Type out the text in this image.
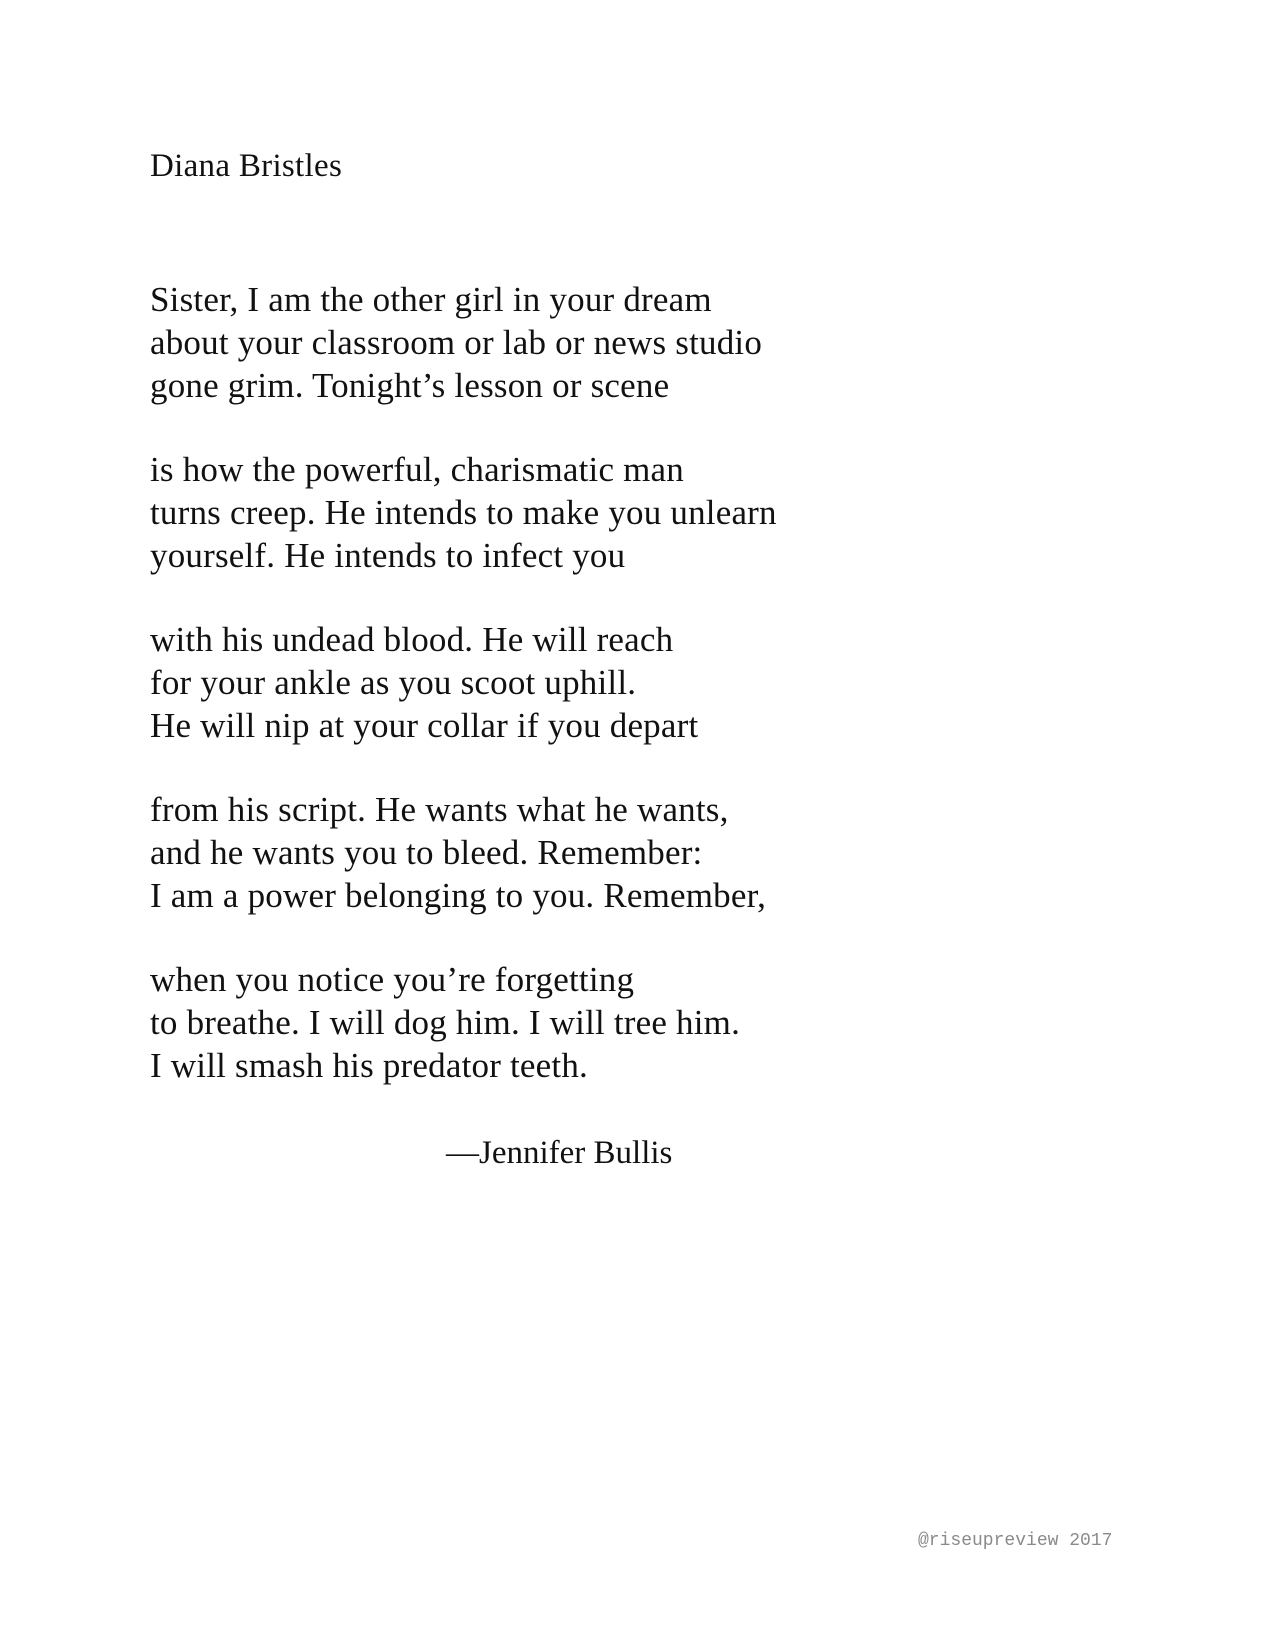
Diana Bristles
Sister, I am the other girl in your dream
about your classroom or lab or news studio
gone grim. Tonight’s lesson or scene
is how the powerful, charismatic man
turns creep. He intends to make you unlearn
yourself. He intends to infect you
with his undead blood. He will reach
for your ankle as you scoot uphill.
He will nip at your collar if you depart
from his script. He wants what he wants,
and he wants you to bleed. Remember:
I am a power belonging to you. Remember,
when you notice you’re forgetting
to breathe. I will dog him. I will tree him.
I will smash his predator teeth.
—Jennifer Bullis
@riseupreview 2017
